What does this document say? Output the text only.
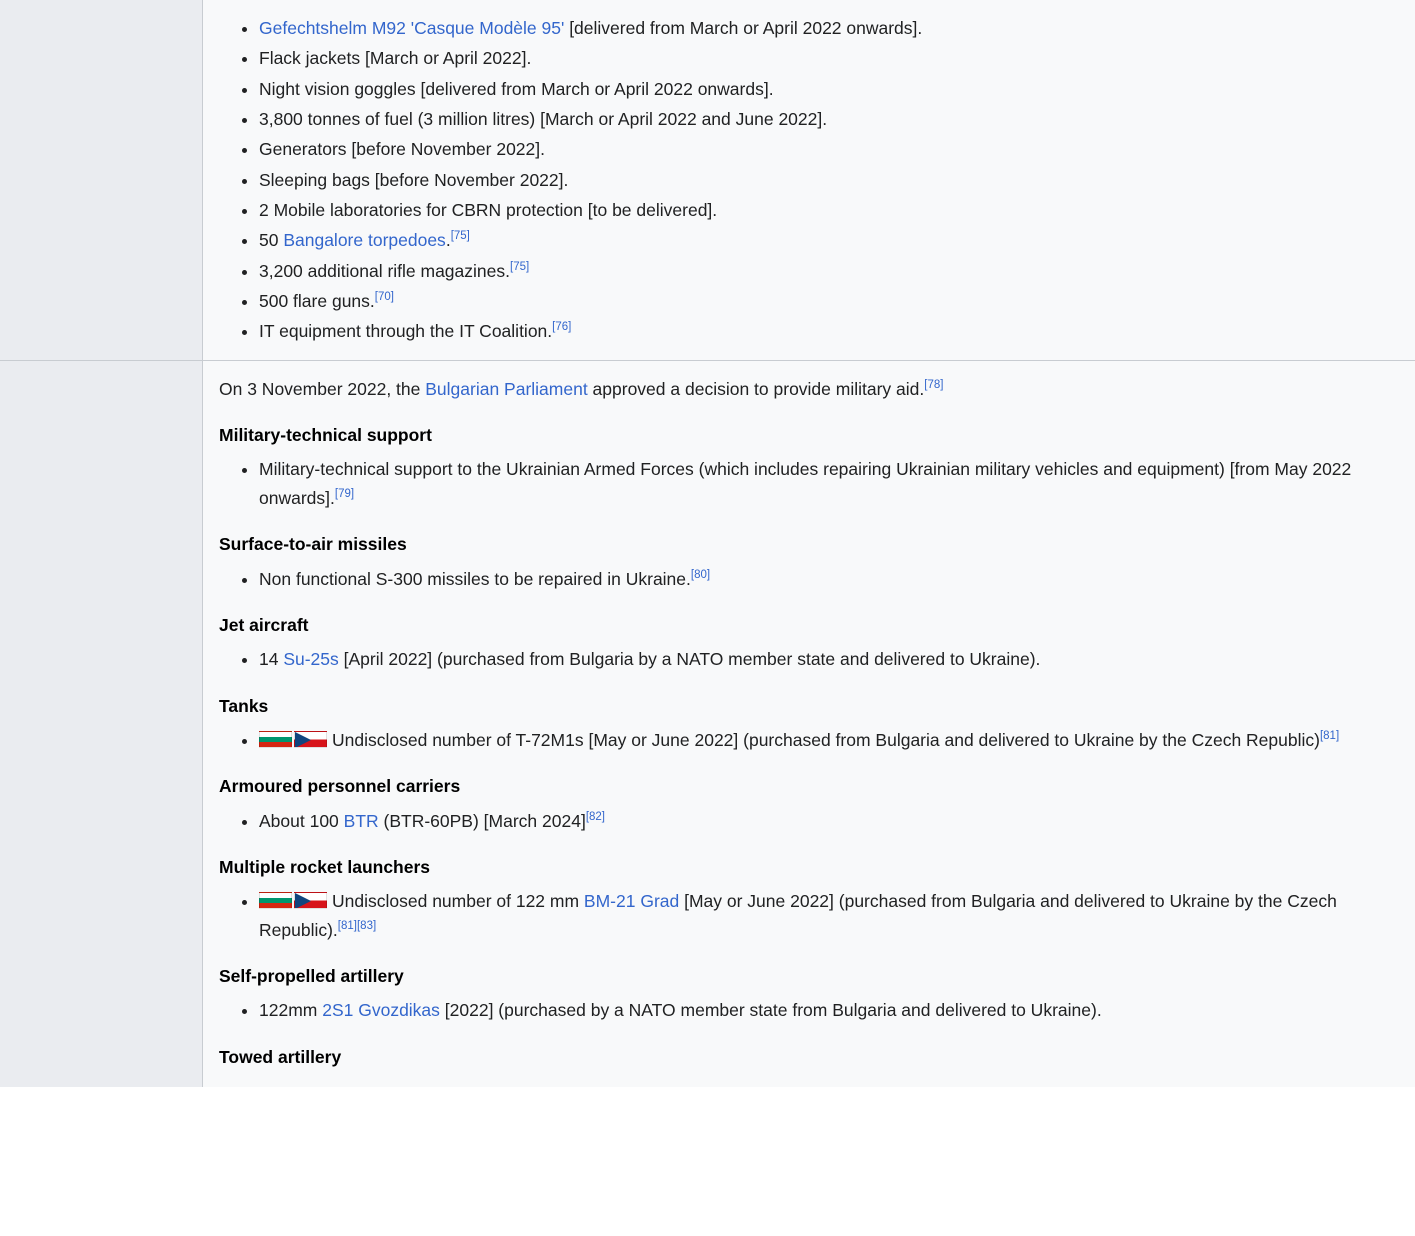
• Gefechtshelm M92 'Casque Modèle 95' [delivered from March or April 2022 onwards].
• Flack jackets [March or April 2022].
• Night vision goggles [delivered from March or April 2022 onwards].
• 3,800 tonnes of fuel (3 million litres) [March or April 2022 and June 2022].
• Generators [before November 2022].
• Sleeping bags [before November 2022].
• 2 Mobile laboratories for CBRN protection [to be delivered].
• 50 Bangalore torpedoes.[75]
• 3,200 additional rifle magazines.[75]
• 500 flare guns.[70]
• IT equipment through the IT Coalition.[76]

On 3 November 2022, the Bulgarian Parliament approved a decision to provide military aid.[78]

Military-technical support
• Military-technical support to the Ukrainian Armed Forces (which includes repairing Ukrainian military vehicles and equipment) [from May 2022 onwards].[79]
Surface-to-air missiles
• Non functional S-300 missiles to be repaired in Ukraine.[80]
Jet aircraft
• 14 Su-25s [April 2022] (purchased from Bulgaria by a NATO member state and delivered to Ukraine).
Tanks
• Undisclosed number of T-72M1s [May or June 2022] (purchased from Bulgaria and delivered to Ukraine by the Czech Republic)[81]
Armoured personnel carriers
• About 100 BTR (BTR-60PB) [March 2024][82]
Multiple rocket launchers
• Undisclosed number of 122 mm BM-21 Grad [May or June 2022] (purchased from Bulgaria and delivered to Ukraine by the Czech Republic).[81][83]
Self-propelled artillery
• 122mm 2S1 Gvozdikas [2022] (purchased by a NATO member state from Bulgaria and delivered to Ukraine).
Towed artillery
